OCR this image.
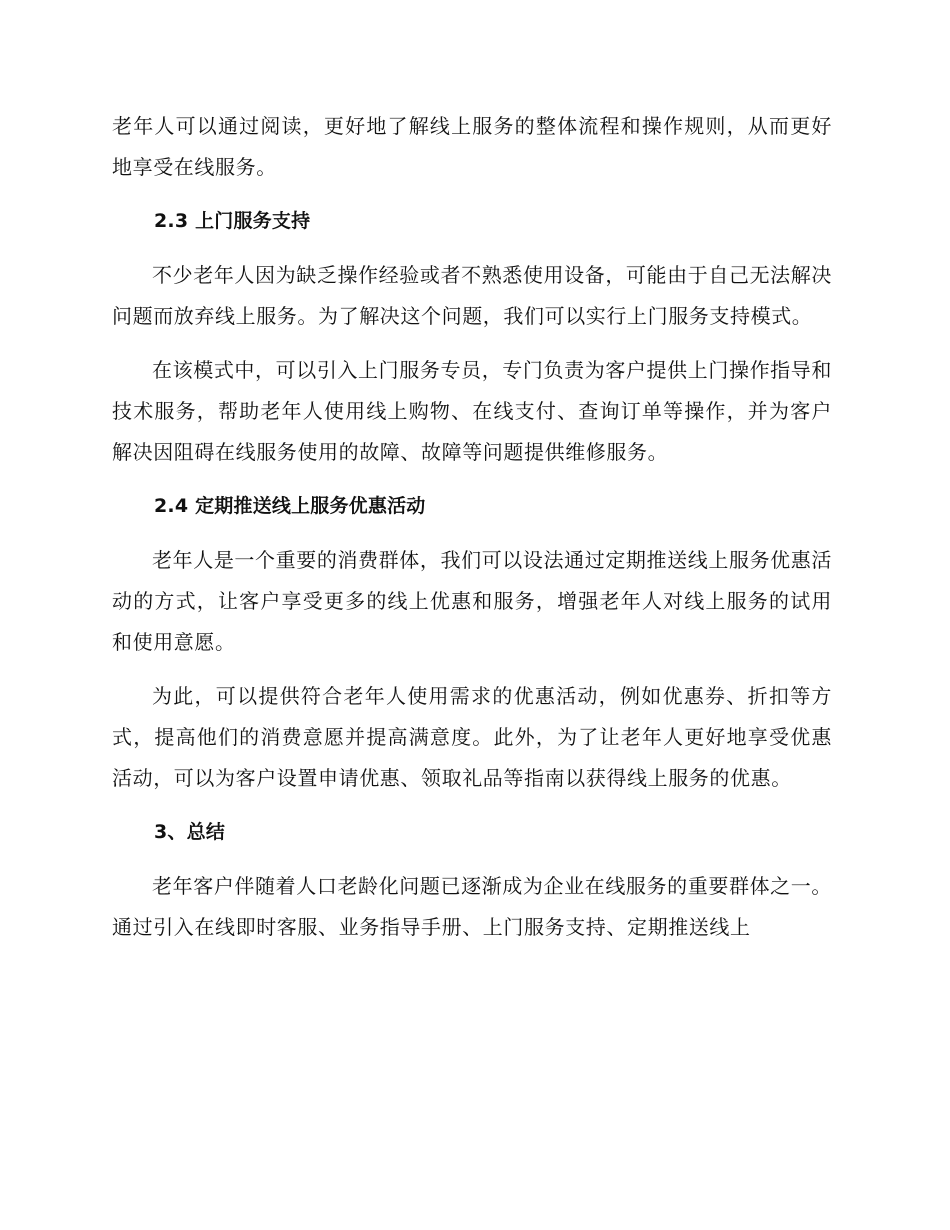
老年人可以通过阅读，更好地了解线上服务的整体流程和操作规则，从而更好地享受在线服务。

2.3 上门服务支持

不少老年人因为缺乏操作经验或者不熟悉使用设备，可能由于自己无法解决问题而放弃线上服务。为了解决这个问题，我们可以实行上门服务支持模式。

在该模式中，可以引入上门服务专员，专门负责为客户提供上门操作指导和技术服务，帮助老年人使用线上购物、在线支付、查询订单等操作，并为客户解决因阻碍在线服务使用的故障、故障等问题提供维修服务。

2.4 定期推送线上服务优惠活动

老年人是一个重要的消费群体，我们可以设法通过定期推送线上服务优惠活动的方式，让客户享受更多的线上优惠和服务，增强老年人对线上服务的试用和使用意愿。

为此，可以提供符合老年人使用需求的优惠活动，例如优惠券、折扣等方式，提高他们的消费意愿并提高满意度。此外，为了让老年人更好地享受优惠活动，可以为客户设置申请优惠、领取礼品等指南以获得线上服务的优惠。

3、总结

老年客户伴随着人口老龄化问题已逐渐成为企业在线服务的重要群体之一。通过引入在线即时客服、业务指导手册、上门服务支持、定期推送线上
